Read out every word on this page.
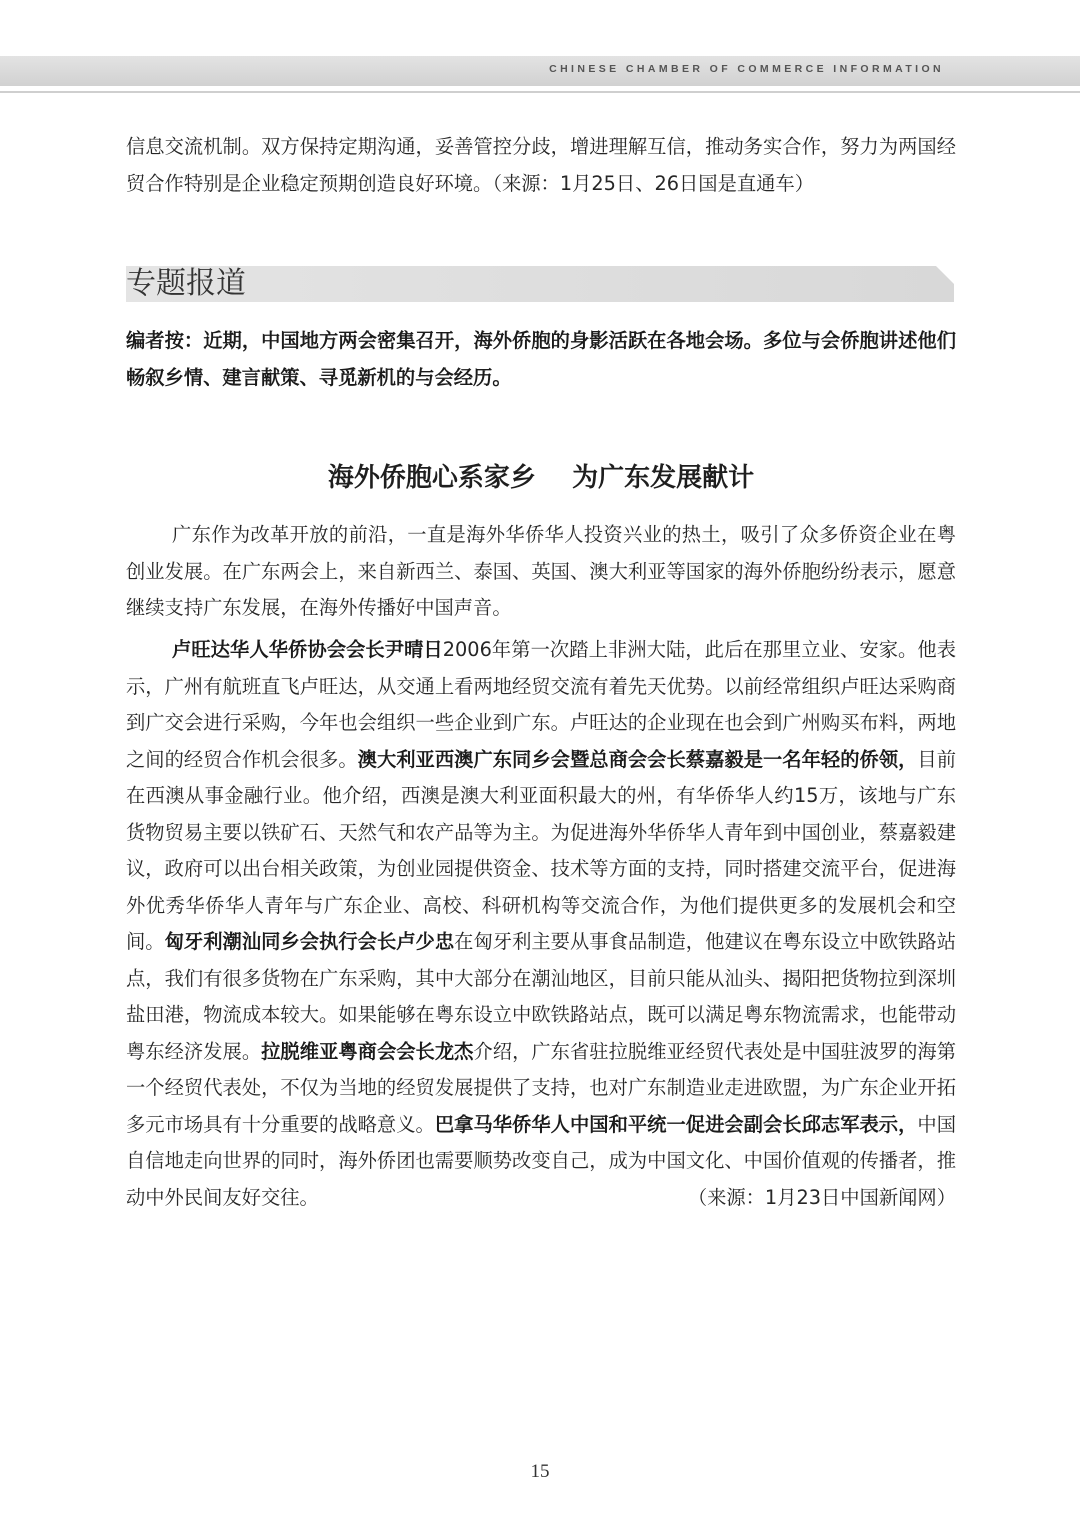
CHINESE CHAMBER OF COMMERCE INFORMATION

信息交流机制。双方保持定期沟通，妥善管控分歧，增进理解互信，推动务实合作，努力为两国经贸合作特别是企业稳定预期创造良好环境。（来源：1月25日、26日国是直通车）

专题报道

编者按：近期，中国地方两会密集召开，海外侨胞的身影活跃在各地会场。多位与会侨胞讲述他们畅叙乡情、建言献策、寻觅新机的与会经历。

海外侨胞心系家乡    为广东发展献计

广东作为改革开放的前沿，一直是海外华侨华人投资兴业的热土，吸引了众多侨资企业在粤创业发展。在广东两会上，来自新西兰、泰国、英国、澳大利亚等国家的海外侨胞纷纷表示，愿意继续支持广东发展，在海外传播好中国声音。

卢旺达华人华侨协会会长尹晴日2006年第一次踏上非洲大陆，此后在那里立业、安家。他表示，广州有航班直飞卢旺达，从交通上看两地经贸交流有着先天优势。以前经常组织卢旺达采购商到广交会进行采购，今年也会组织一些企业到广东。卢旺达的企业现在也会到广州购买布料，两地之间的经贸合作机会很多。澳大利亚西澳广东同乡会暨总商会会长蔡嘉毅是一名年轻的侨领，目前在西澳从事金融行业。他介绍，西澳是澳大利亚面积最大的州，有华侨华人约15万，该地与广东货物贸易主要以铁矿石、天然气和农产品等为主。为促进海外华侨华人青年到中国创业，蔡嘉毅建议，政府可以出台相关政策，为创业园提供资金、技术等方面的支持，同时搭建交流平台，促进海外优秀华侨华人青年与广东企业、高校、科研机构等交流合作，为他们提供更多的发展机会和空间。匈牙利潮汕同乡会执行会长卢少忠在匈牙利主要从事食品制造，他建议在粤东设立中欧铁路站点，我们有很多货物在广东采购，其中大部分在潮汕地区，目前只能从汕头、揭阳把货物拉到深圳盐田港，物流成本较大。如果能够在粤东设立中欧铁路站点，既可以满足粤东物流需求，也能带动粤东经济发展。拉脱维亚粤商会会长龙杰介绍，广东省驻拉脱维亚经贸代表处是中国驻波罗的海第一个经贸代表处，不仅为当地的经贸发展提供了支持，也对广东制造业走进欧盟，为广东企业开拓多元市场具有十分重要的战略意义。巴拿马华侨华人中国和平统一促进会副会长邱志军表示，中国自信地走向世界的同时，海外侨团也需要顺势改变自己，成为中国文化、中国价值观的传播者，推动中外民间友好交往。	（来源：1月23日中国新闻网）

15
